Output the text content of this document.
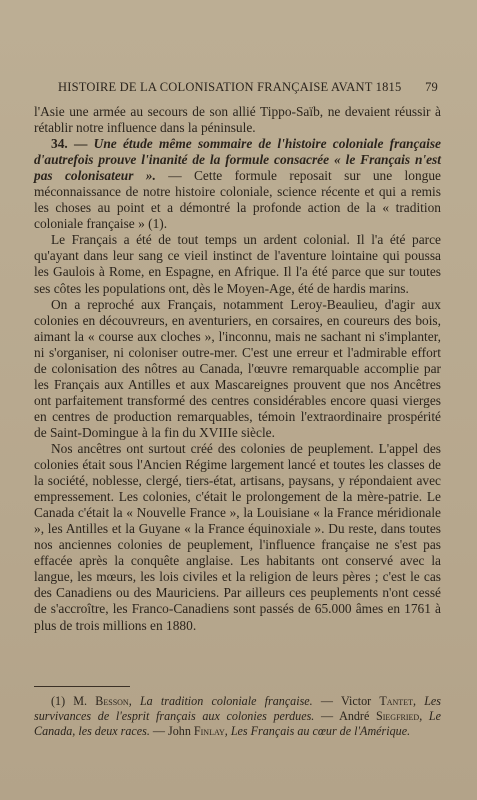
HISTOIRE DE LA COLONISATION FRANÇAISE AVANT 1815 79

l'Asie une armée au secours de son allié Tippo-Saïb, ne devaient réussir à rétablir notre influence dans la péninsule.

34. — Une étude même sommaire de l'histoire coloniale française d'autrefois prouve l'inanité de la formule consacrée « le Français n'est pas colonisateur ». — Cette formule reposait sur une longue méconnaissance de notre histoire coloniale, science récente et qui a remis les choses au point et a démontré la profonde action de la « tradition coloniale française » (1).

Le Français a été de tout temps un ardent colonial. Il l'a été parce qu'ayant dans leur sang ce vieil instinct de l'aventure lointaine qui poussa les Gaulois à Rome, en Espagne, en Afrique. Il l'a été parce que sur toutes ses côtes les populations ont, dès le Moyen-Age, été de hardis marins.

On a reproché aux Français, notamment Leroy-Beaulieu, d'agir aux colonies en découvreurs, en aventuriers, en corsaires, en coureurs des bois, aimant la « course aux cloches », l'inconnu, mais ne sachant ni s'implanter, ni s'organiser, ni coloniser outre-mer. C'est une erreur et l'admirable effort de colonisation des nôtres au Canada, l'œuvre remarquable accomplie par les Français aux Antilles et aux Mascareignes prouvent que nos Ancêtres ont parfaitement transformé des centres considérables encore quasi vierges en centres de production remarquables, témoin l'extraordinaire prospérité de Saint-Domingue à la fin du XVIIIe siècle.

Nos ancêtres ont surtout créé des colonies de peuplement. L'appel des colonies était sous l'Ancien Régime largement lancé et toutes les classes de la société, noblesse, clergé, tiers-état, artisans, paysans, y répondaient avec empressement. Les colonies, c'était le prolongement de la mère-patrie. Le Canada c'était la « Nouvelle France », la Louisiane « la France méridionale », les Antilles et la Guyane « la France équinoxiale ». Du reste, dans toutes nos anciennes colonies de peuplement, l'influence française ne s'est pas effacée après la conquête anglaise. Les habitants ont conservé avec la langue, les mœurs, les lois civiles et la religion de leurs pères ; c'est le cas des Canadiens ou des Mauriciens. Par ailleurs ces peuplements n'ont cessé de s'accroître, les Franco-Canadiens sont passés de 65.000 âmes en 1761 à plus de trois millions en 1880.

(1) M. Besson, La tradition coloniale française. — Victor Tantet, Les survivances de l'esprit français aux colonies perdues. — André Siegfried, Le Canada, les deux races. — John Finlay, Les Français au cœur de l'Amérique.
